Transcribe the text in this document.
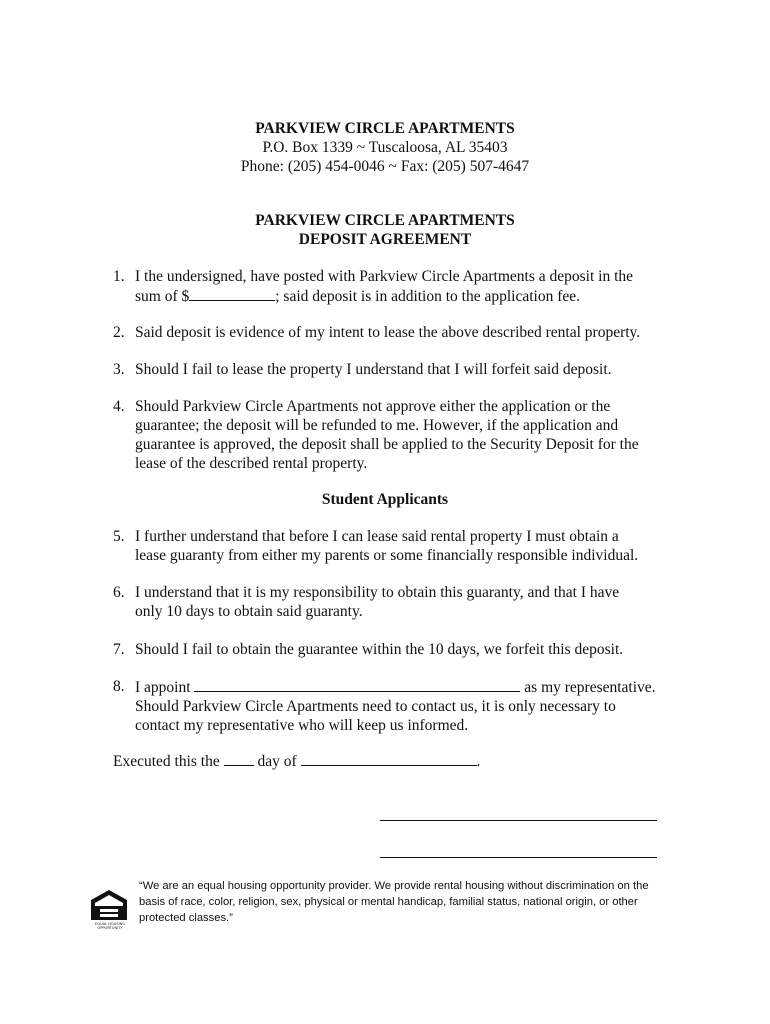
PARKVIEW CIRCLE APARTMENTS
P.O. Box 1339 ~ Tuscaloosa, AL 35403
Phone: (205) 454-0046 ~ Fax: (205) 507-4647
PARKVIEW CIRCLE APARTMENTS
DEPOSIT AGREEMENT
1. I the undersigned, have posted with Parkview Circle Apartments a deposit in the
sum of $	; said deposit is in addition to the application fee.
2. Said deposit is evidence of my intent to lease the above described rental property.
3. Should I fail to lease the property I understand that I will forfeit said deposit.
4. Should Parkview Circle Apartments not approve either the application or the
guarantee; the deposit will be refunded to me. However, if the application and
guarantee is approved, the deposit shall be applied to the Security Deposit for the
lease of the described rental property.
Student Applicants
5. I further understand that before I can lease said rental property I must obtain a
lease guaranty from either my parents or some financially responsible individual.
6. I understand that it is my responsibility to obtain this guaranty, and that I have
only 10 days to obtain said guaranty.
7. Should I fail to obtain the guarantee within the 10 days, we forfeit this deposit.
8. I appoint	as my representative.
Should Parkview Circle Apartments need to contact us, it is only necessary to
contact my representative who will keep us informed.
Executed this the day of	.
EQUAL HOUSING OPPORTUNITY
“We are an equal housing opportunity provider. We provide rental housing without discrimination on the basis of race, color, religion, sex, physical or mental handicap, familial status, national origin, or other protected classes.”
